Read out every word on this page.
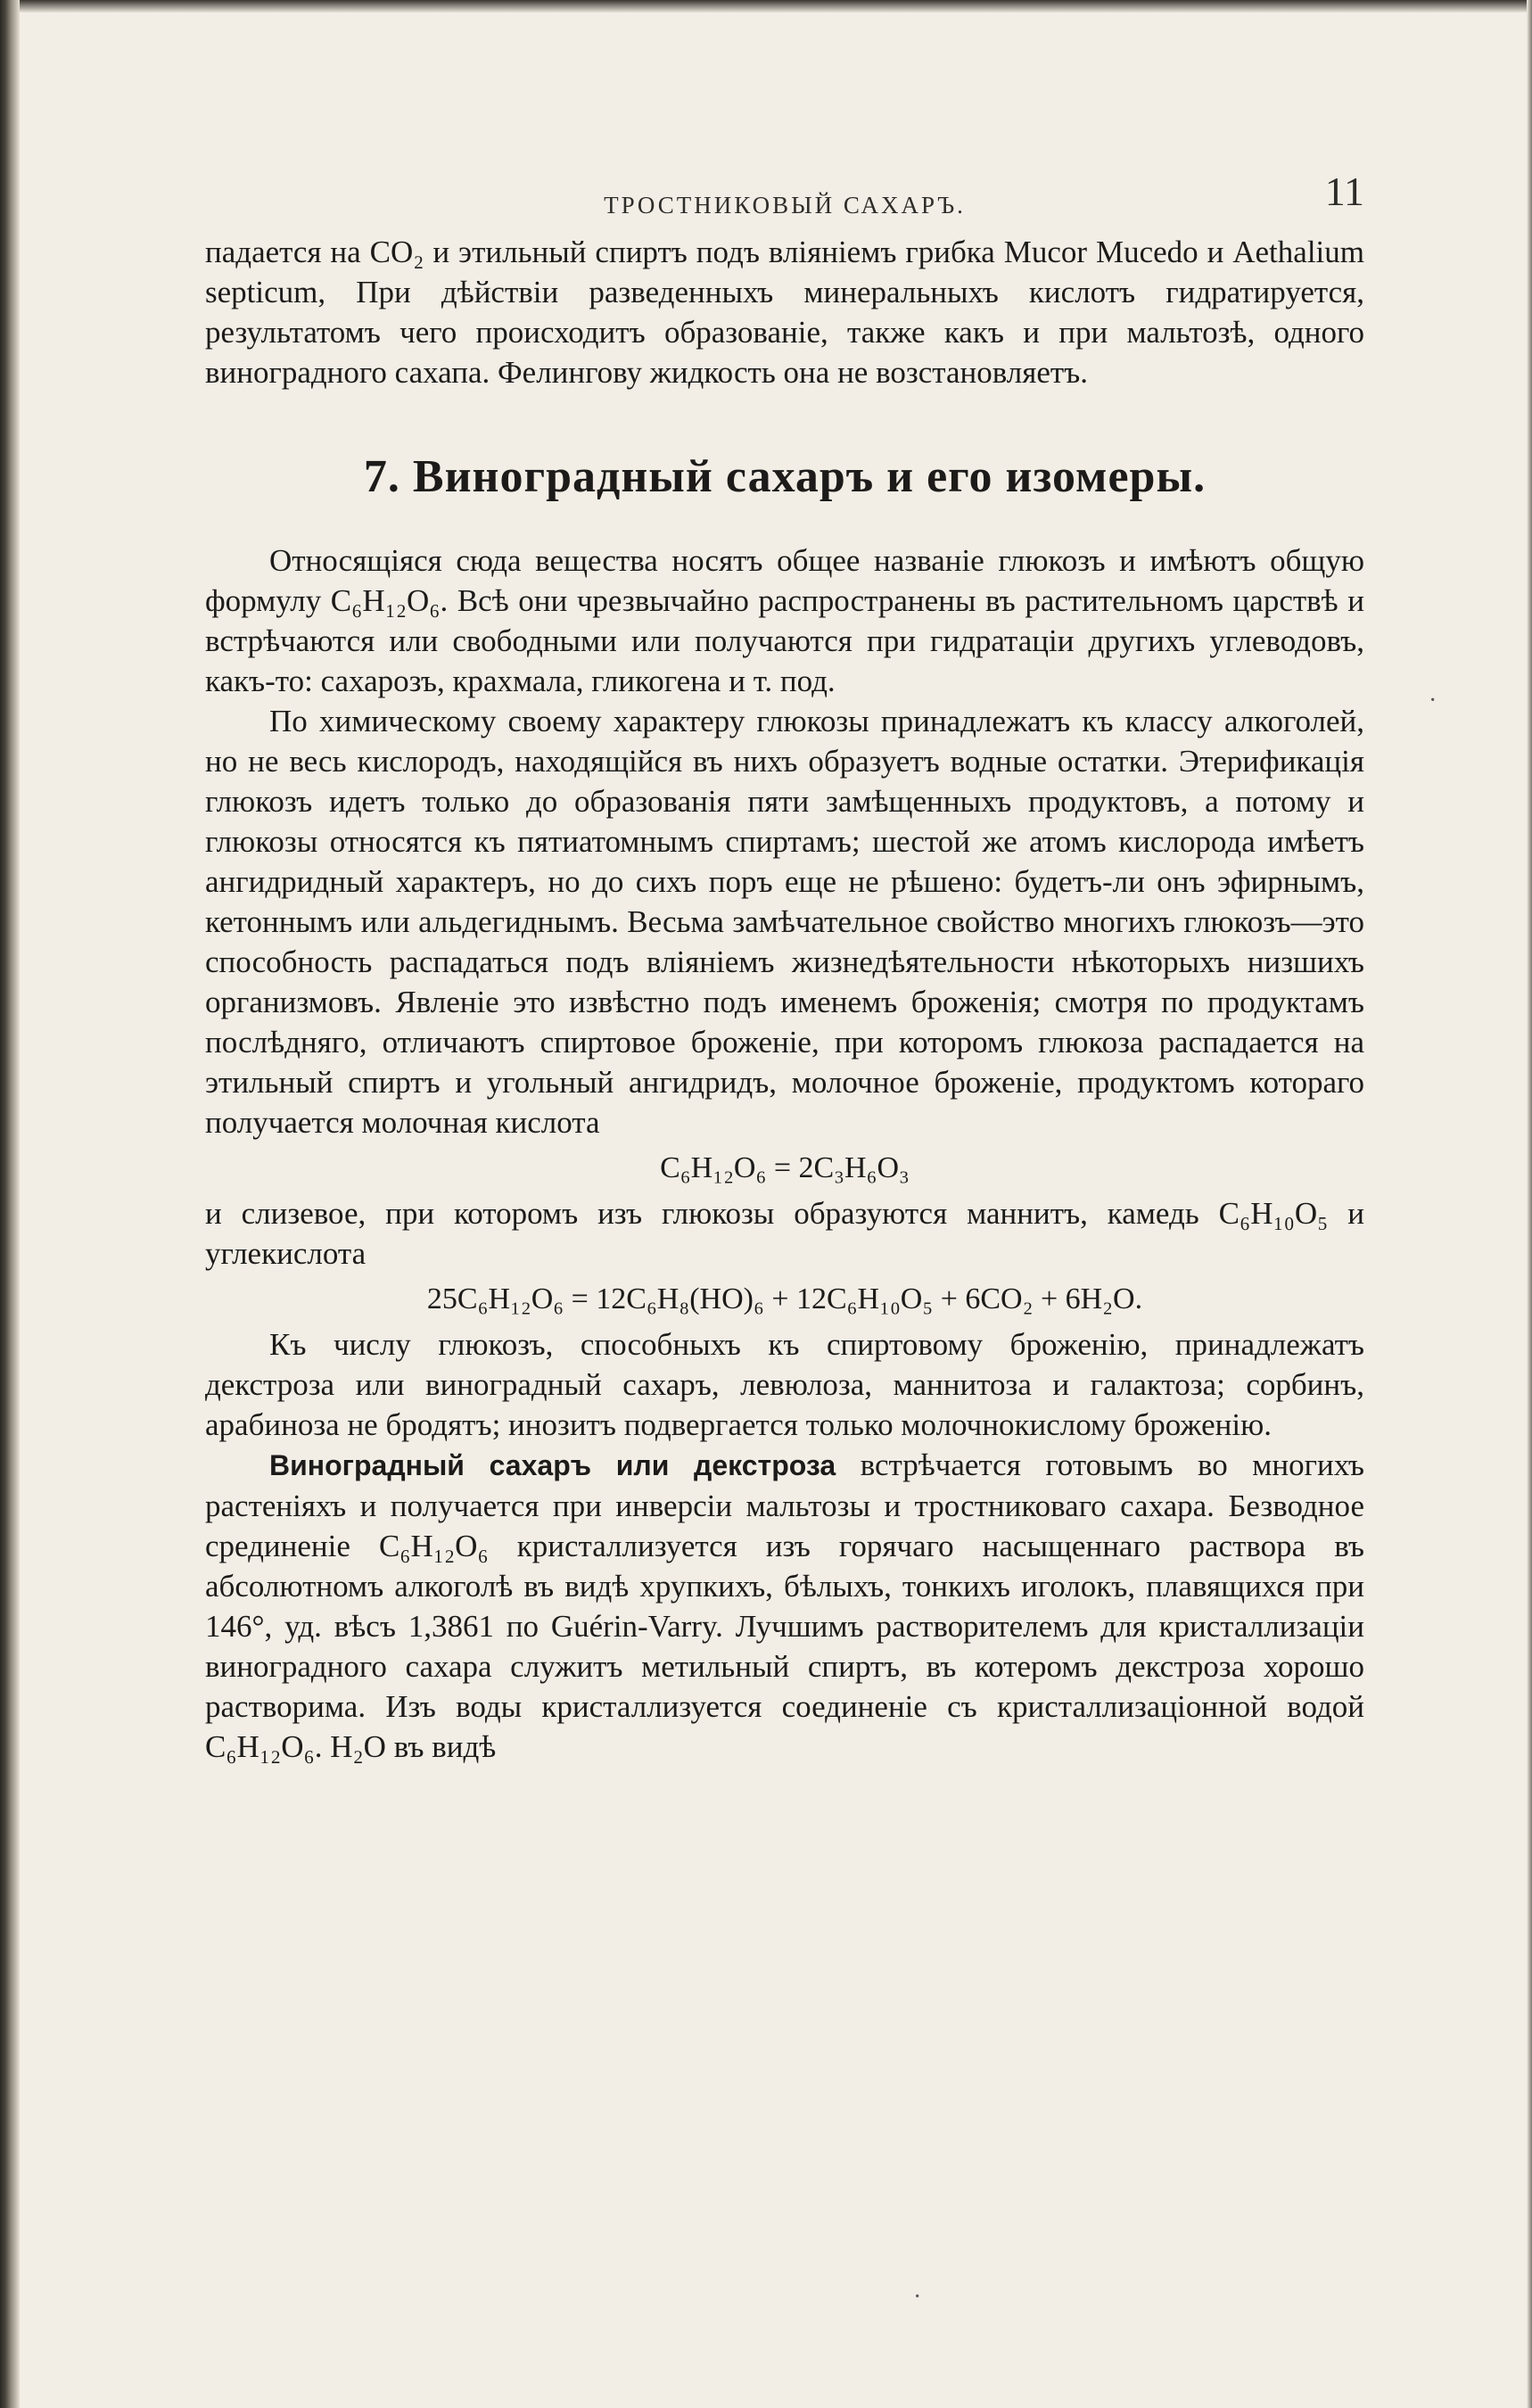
·
·
ТРОСТНИКОВЫЙ САХАРЪ.	11

падается на CO₂ и этильный спиртъ подъ вліяніемъ грибка Mucor Mucedo и Aethalium septicum, При дѣйствіи разведенныхъ минеральныхъ кислотъ гидратируется, результатомъ чего происходитъ образованіе, также какъ и при мальтозѣ, одного виноградного сахапа. Фелингову жидкость она не возстановляетъ.

7. Виноградный сахаръ и его изомеры.

Относящіяся сюда вещества носятъ общее названіе глюкозъ и имѣютъ общую формулу C₆H₁₂O₆. Всѣ они чрезвычайно распространены въ растительномъ царствѣ и встрѣчаются или свободными или получаются при гидратаціи другихъ углеводовъ, какъ-то: сахарозъ, крахмала, гликогена и т. под.

По химическому своему характеру глюкозы принадлежатъ къ классу алкоголей, но не весь кислородъ, находящійся въ нихъ образуетъ водные остатки. Этерификація глюкозъ идетъ только до образованія пяти замѣщенныхъ продуктовъ, а потому и глюкозы относятся къ пятиатомнымъ спиртамъ; шестой же атомъ кислорода имѣетъ ангидридный характеръ, но до сихъ поръ еще не рѣшено: будетъ-ли онъ эфирнымъ, кетоннымъ или альдегиднымъ. Весьма замѣчательное свойство многихъ глюкозъ—это способность распадаться подъ вліяніемъ жизнедѣятельности нѣкоторыхъ низшихъ организмовъ. Явленіе это извѣстно подъ именемъ броженія; смотря по продуктамъ послѣдняго, отличаютъ спиртовое броженіе, при которомъ глюкоза распадается на этильный спиртъ и угольный ангидридъ, молочное броженіе, продуктомъ котораго получается молочная кислота

C₆H₁₂O₆ = 2C₃H₆O₃

и слизевое, при которомъ изъ глюкозы образуются маннитъ, камедь C₆H₁₀O₅ и углекислота

25C₆H₁₂O₆ = 12C₆H₈(HO)₆ + 12C₆H₁₀O₅ + 6CO₂ + 6H₂O.

Къ числу глюкозъ, способныхъ къ спиртовому броженію, принадлежатъ декстроза или виноградный сахаръ, левюлоза, маннитоза и галактоза; сорбинъ, арабиноза не бродятъ; инозитъ подвергается только молочнокислому броженію.

Виноградный сахаръ или декстроза встрѣчается готовымъ во многихъ растеніяхъ и получается при инверсіи мальтозы и тростниковаго сахара. Безводное срединеніе C₆H₁₂O₆ кристаллизуется изъ горячаго насыщеннаго раствора въ абсолютномъ алкоголѣ въ видѣ хрупкихъ, бѣлыхъ, тонкихъ иголокъ, плавящихся при 146°, уд. вѣсъ 1,3861 по Guérin-Varry. Лучшимъ растворителемъ для кристаллизаціи виноградного сахара служитъ метильный спиртъ, въ котеромъ декстроза хорошо растворима. Изъ воды кристаллизуется соединеніе съ кристаллизаціонной водой C₆H₁₂O₆. H₂O въ видѣ
